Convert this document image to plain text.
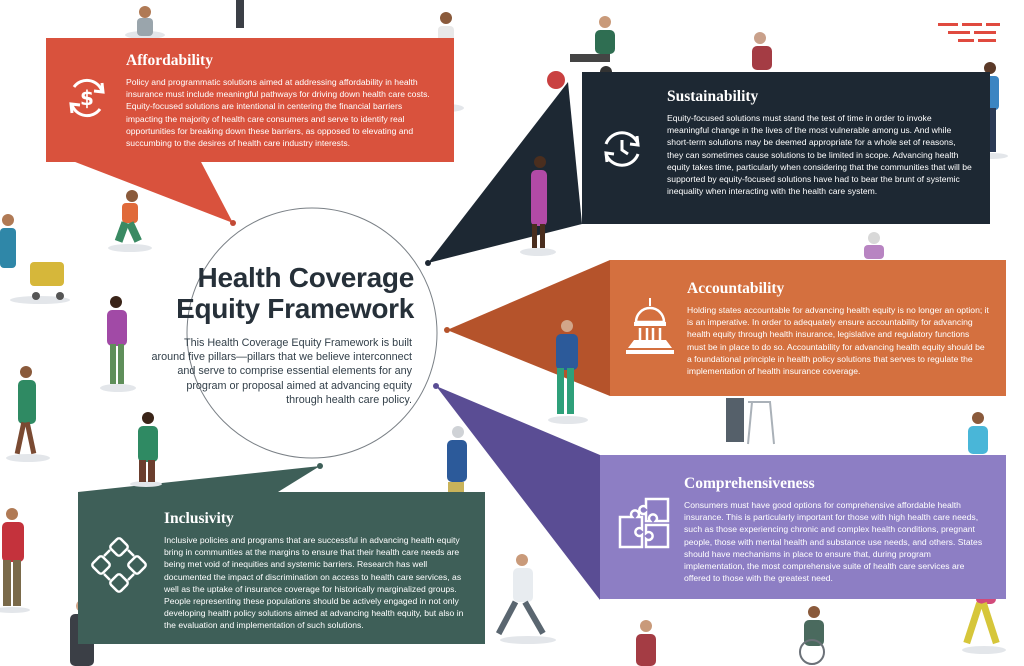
Health Coverage
Equity Framework
This Health Coverage Equity Framework is built around five pillars—pillars that we believe interconnect and serve to comprise essential elements for any program or proposal aimed at advancing equity through health care policy.
$
Affordability

Policy and programmatic solutions aimed at addressing affordability in health insurance must include meaningful pathways for driving down health care costs. Equity-focused solutions are intentional in centering the financial barriers impacting the majority of health care consumers and serve to identify real opportunities for breaking down these barriers, as opposed to elevating and succumbing to the desires of health care industry interests.

Sustainability

Equity-focused solutions must stand the test of time in order to invoke meaningful change in the lives of the most vulnerable among us. And while short-term solutions may be deemed appropriate for a whole set of reasons, they can sometimes cause solutions to be limited in scope. Advancing health equity takes time, particularly when considering that the communities that will be supported by equity-focused solutions have had to bear the brunt of systemic inequality when interacting with the health care system.

Accountability

Holding states accountable for advancing health equity is no longer an option; it is an imperative. In order to adequately ensure accountability for advancing health equity through health insurance, legislative and regulatory functions must be in place to do so. Accountability for advancing health equity should be a foundational principle in health policy solutions that serves to regulate the implementation of health insurance coverage.

Comprehensiveness

Consumers must have good options for comprehensive affordable health insurance. This is particularly important for those with high health care needs, such as those experiencing chronic and complex health conditions, pregnant people, those with mental health and substance use needs, and others. States should have mechanisms in place to ensure that, during program implementation, the most comprehensive suite of health care services are offered to those with the greatest need.

Inclusivity

Inclusive policies and programs that are successful in advancing health equity bring in communities at the margins to ensure that their health care needs are being met void of inequities and systemic barriers. Research has well documented the impact of discrimination on access to health care services, as well as the uptake of insurance coverage for historically marginalized groups. People representing these populations should be actively engaged in not only developing health policy solutions aimed at advancing health equity, but also in the evaluation and implementation of such solutions.
